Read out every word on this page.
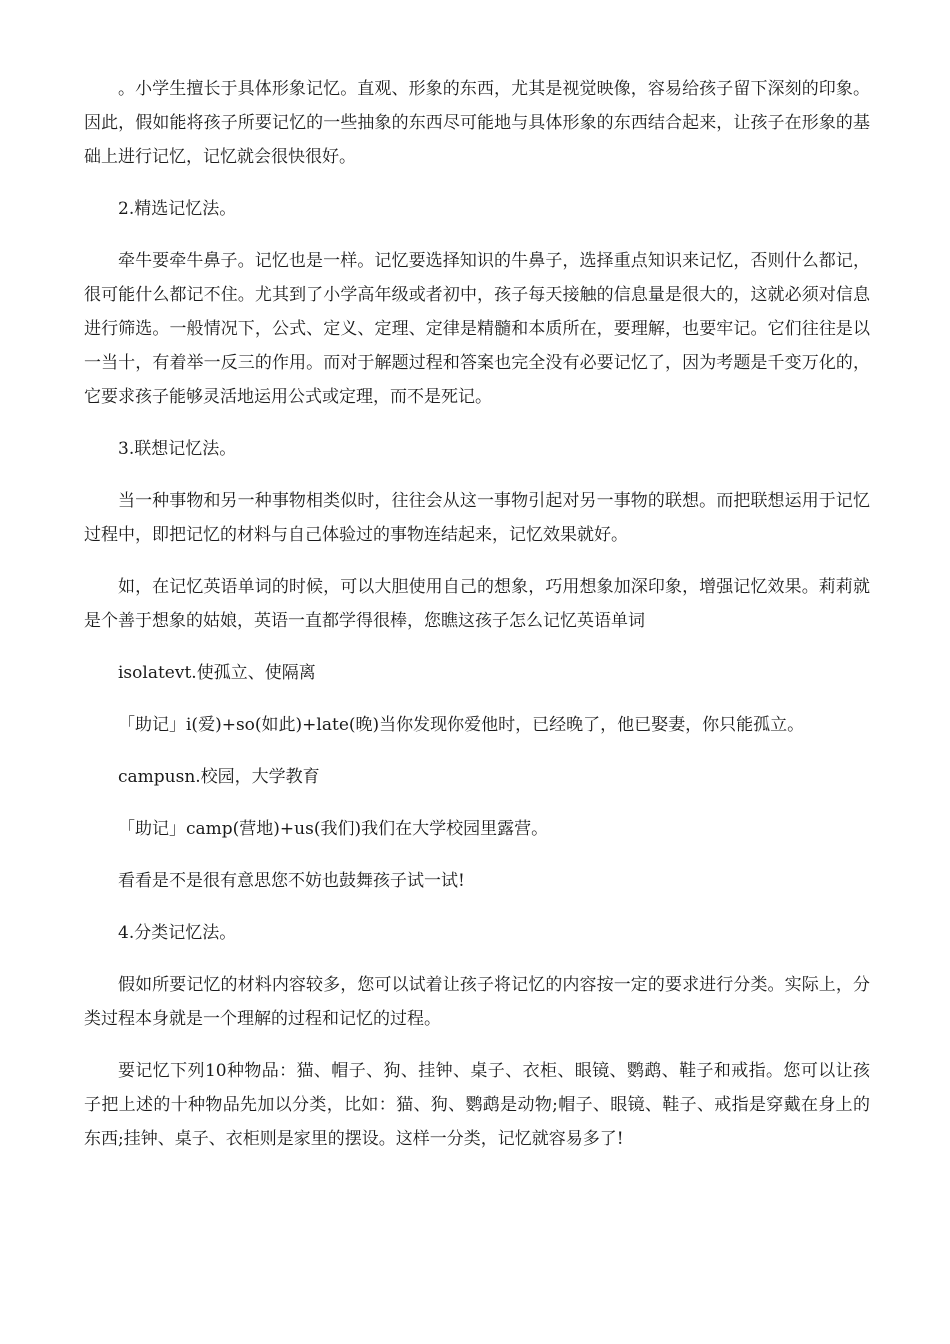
。小学生擅长于具体形象记忆。直观、形象的东西，尤其是视觉映像，容易给孩子留下深刻的印象。因此，假如能将孩子所要记忆的一些抽象的东西尽可能地与具体形象的东西结合起来，让孩子在形象的基础上进行记忆，记忆就会很快很好。

2.精选记忆法。

牵牛要牵牛鼻子。记忆也是一样。记忆要选择知识的牛鼻子，选择重点知识来记忆，否则什么都记，很可能什么都记不住。尤其到了小学高年级或者初中，孩子每天接触的信息量是很大的，这就必须对信息进行筛选。一般情况下，公式、定义、定理、定律是精髓和本质所在，要理解，也要牢记。它们往往是以一当十，有着举一反三的作用。而对于解题过程和答案也完全没有必要记忆了，因为考题是千变万化的，它要求孩子能够灵活地运用公式或定理，而不是死记。

3.联想记忆法。

当一种事物和另一种事物相类似时，往往会从这一事物引起对另一事物的联想。而把联想运用于记忆过程中，即把记忆的材料与自己体验过的事物连结起来，记忆效果就好。

如，在记忆英语单词的时候，可以大胆使用自己的想象，巧用想象加深印象，增强记忆效果。莉莉就是个善于想象的姑娘，英语一直都学得很棒，您瞧这孩子怎么记忆英语单词

isolatevt.使孤立、使隔离

「助记」i(爱)+so(如此)+late(晚)当你发现你爱他时，已经晚了，他已娶妻，你只能孤立。

campusn.校园，大学教育

「助记」camp(营地)+us(我们)我们在大学校园里露营。

看看是不是很有意思您不妨也鼓舞孩子试一试!

4.分类记忆法。

假如所要记忆的材料内容较多，您可以试着让孩子将记忆的内容按一定的要求进行分类。实际上，分类过程本身就是一个理解的过程和记忆的过程。

要记忆下列10种物品：猫、帽子、狗、挂钟、桌子、衣柜、眼镜、鹦鹉、鞋子和戒指。您可以让孩子把上述的十种物品先加以分类，比如：猫、狗、鹦鹉是动物;帽子、眼镜、鞋子、戒指是穿戴在身上的东西;挂钟、桌子、衣柜则是家里的摆设。这样一分类，记忆就容易多了!
